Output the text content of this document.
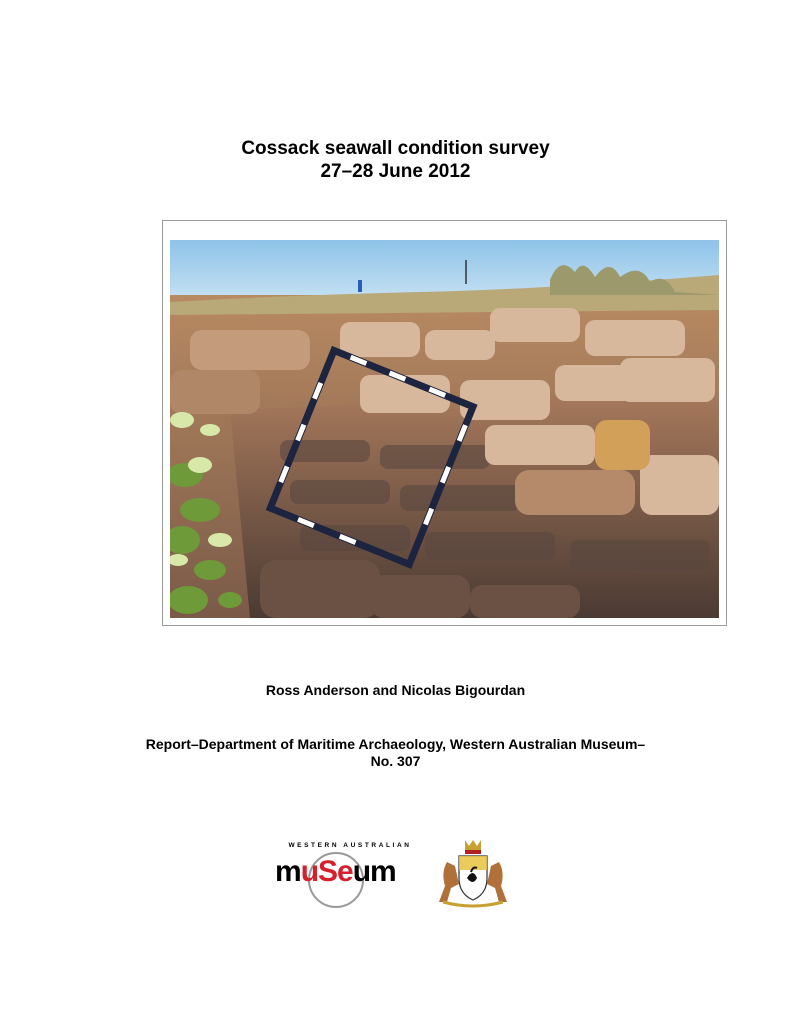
Cossack seawall condition survey
27–28 June 2012
Ross Anderson and Nicolas Bigourdan
Report–Department of Maritime Archaeology, Western Australian Museum–
No. 307
WESTERN AUSTRALIAN
muSeum
